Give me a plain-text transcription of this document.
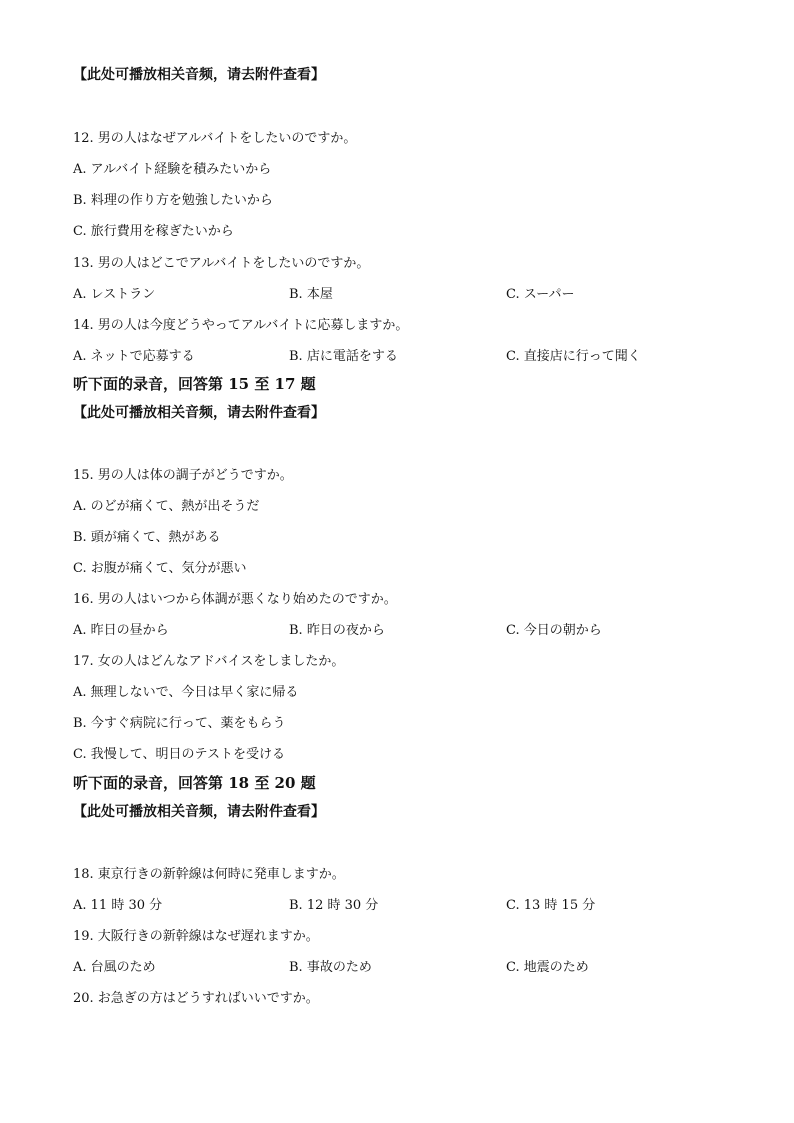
【此处可播放相关音频，请去附件查看】
12. 男の人はなぜアルバイトをしたいのですか。
A. アルバイト経験を積みたいから
B. 料理の作り方を勉強したいから
C. 旅行費用を稼ぎたいから
13. 男の人はどこでアルバイトをしたいのですか。
A. レストラン	B. 本屋	C. スーパー
14. 男の人は今度どうやってアルバイトに応募しますか。
A. ネットで応募する	B. 店に電話をする	C. 直接店に行って聞く
听下面的录音，回答第 15 至 17 题
【此处可播放相关音频，请去附件查看】
15. 男の人は体の調子がどうですか。
A. のどが痛くて、熱が出そうだ
B. 頭が痛くて、熱がある
C. お腹が痛くて、気分が悪い
16. 男の人はいつから体調が悪くなり始めたのですか。
A. 昨日の昼から	B. 昨日の夜から	C. 今日の朝から
17. 女の人はどんなアドバイスをしましたか。
A. 無理しないで、今日は早く家に帰る
B. 今すぐ病院に行って、薬をもらう
C. 我慢して、明日のテストを受ける
听下面的录音，回答第 18 至 20 题
【此处可播放相关音频，请去附件查看】
18. 東京行きの新幹線は何時に発車しますか。
A. 11 時 30 分	B. 12 時 30 分	C. 13 時 15 分
19. 大阪行きの新幹線はなぜ遅れますか。
A. 台風のため	B. 事故のため	C. 地震のため
20. お急ぎの方はどうすればいいですか。
